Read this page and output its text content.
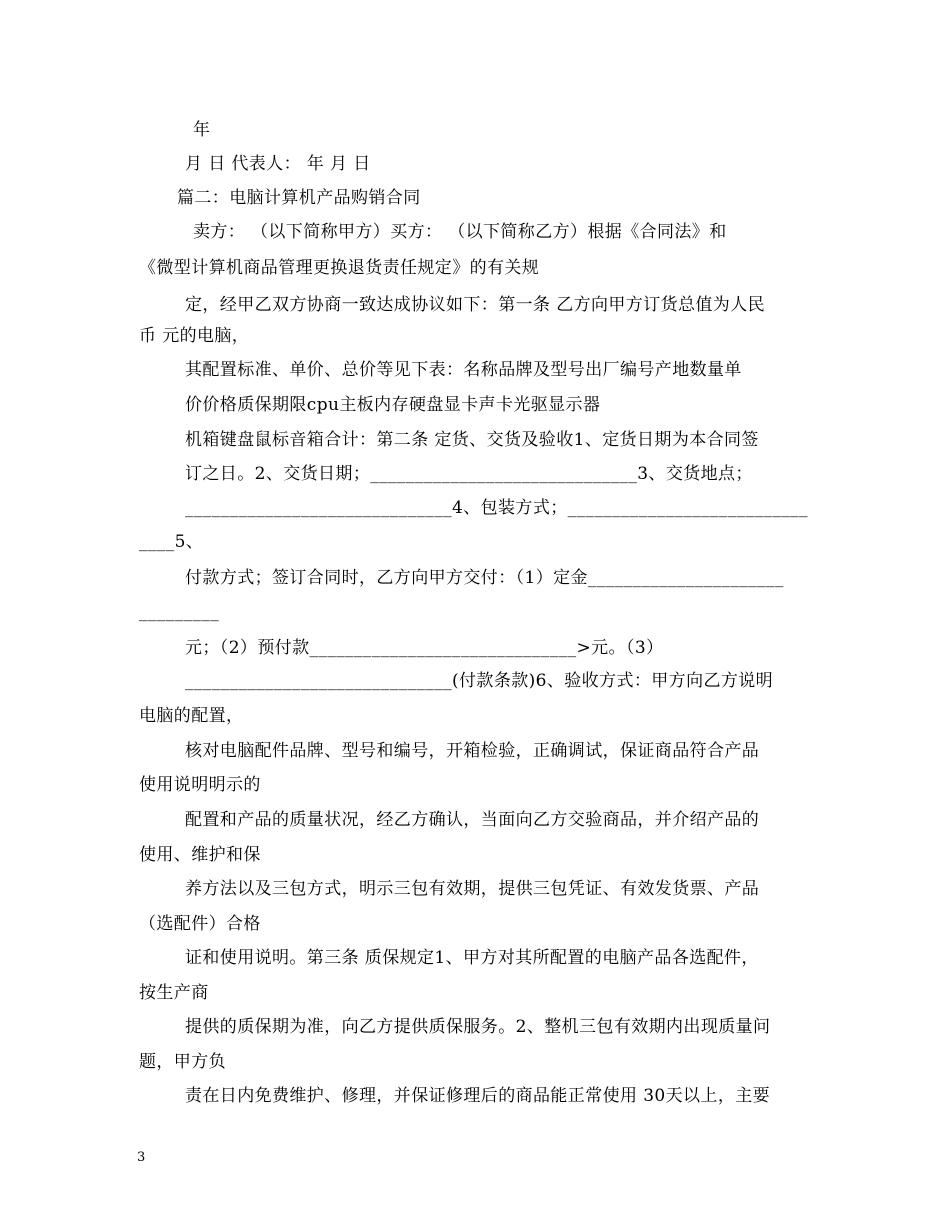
年
月 日 代表人： 年 月 日
篇二：电脑计算机产品购销合同
卖方： （以下简称甲方）买方： （以下简称乙方）根据《合同法》和
《微型计算机商品管理更换退货责任规定》的有关规
定，经甲乙双方协商一致达成协议如下：第一条 乙方向甲方订货总值为人民
币 元的电脑，
其配置标准、单价、总价等见下表：名称品牌及型号出厂编号产地数量单
价价格质保期限cpu主板内存硬盘显卡声卡光驱显示器
机箱键盘鼠标音箱合计：第二条 定货、交货及验收1、定货日期为本合同签
订之日。2、交货日期；______________________________3、交货地点；
______________________________4、包装方式；___________________________
____5、
付款方式；签订合同时，乙方向甲方交付：（1）定金______________________
_________
元；（2）预付款______________________________>元。（3）
______________________________(付款条款)6、验收方式：甲方向乙方说明
电脑的配置，
核对电脑配件品牌、型号和编号，开箱检验，正确调试，保证商品符合产品
使用说明明示的
配置和产品的质量状况，经乙方确认，当面向乙方交验商品，并介绍产品的
使用、维护和保
养方法以及三包方式，明示三包有效期，提供三包凭证、有效发货票、产品
（选配件）合格
证和使用说明。第三条 质保规定1、甲方对其所配置的电脑产品各选配件，
按生产商
提供的质保期为准，向乙方提供质保服务。2、整机三包有效期内出现质量问
题，甲方负
责在日内免费维护、修理，并保证修理后的商品能正常使用 30天以上，主要
3
